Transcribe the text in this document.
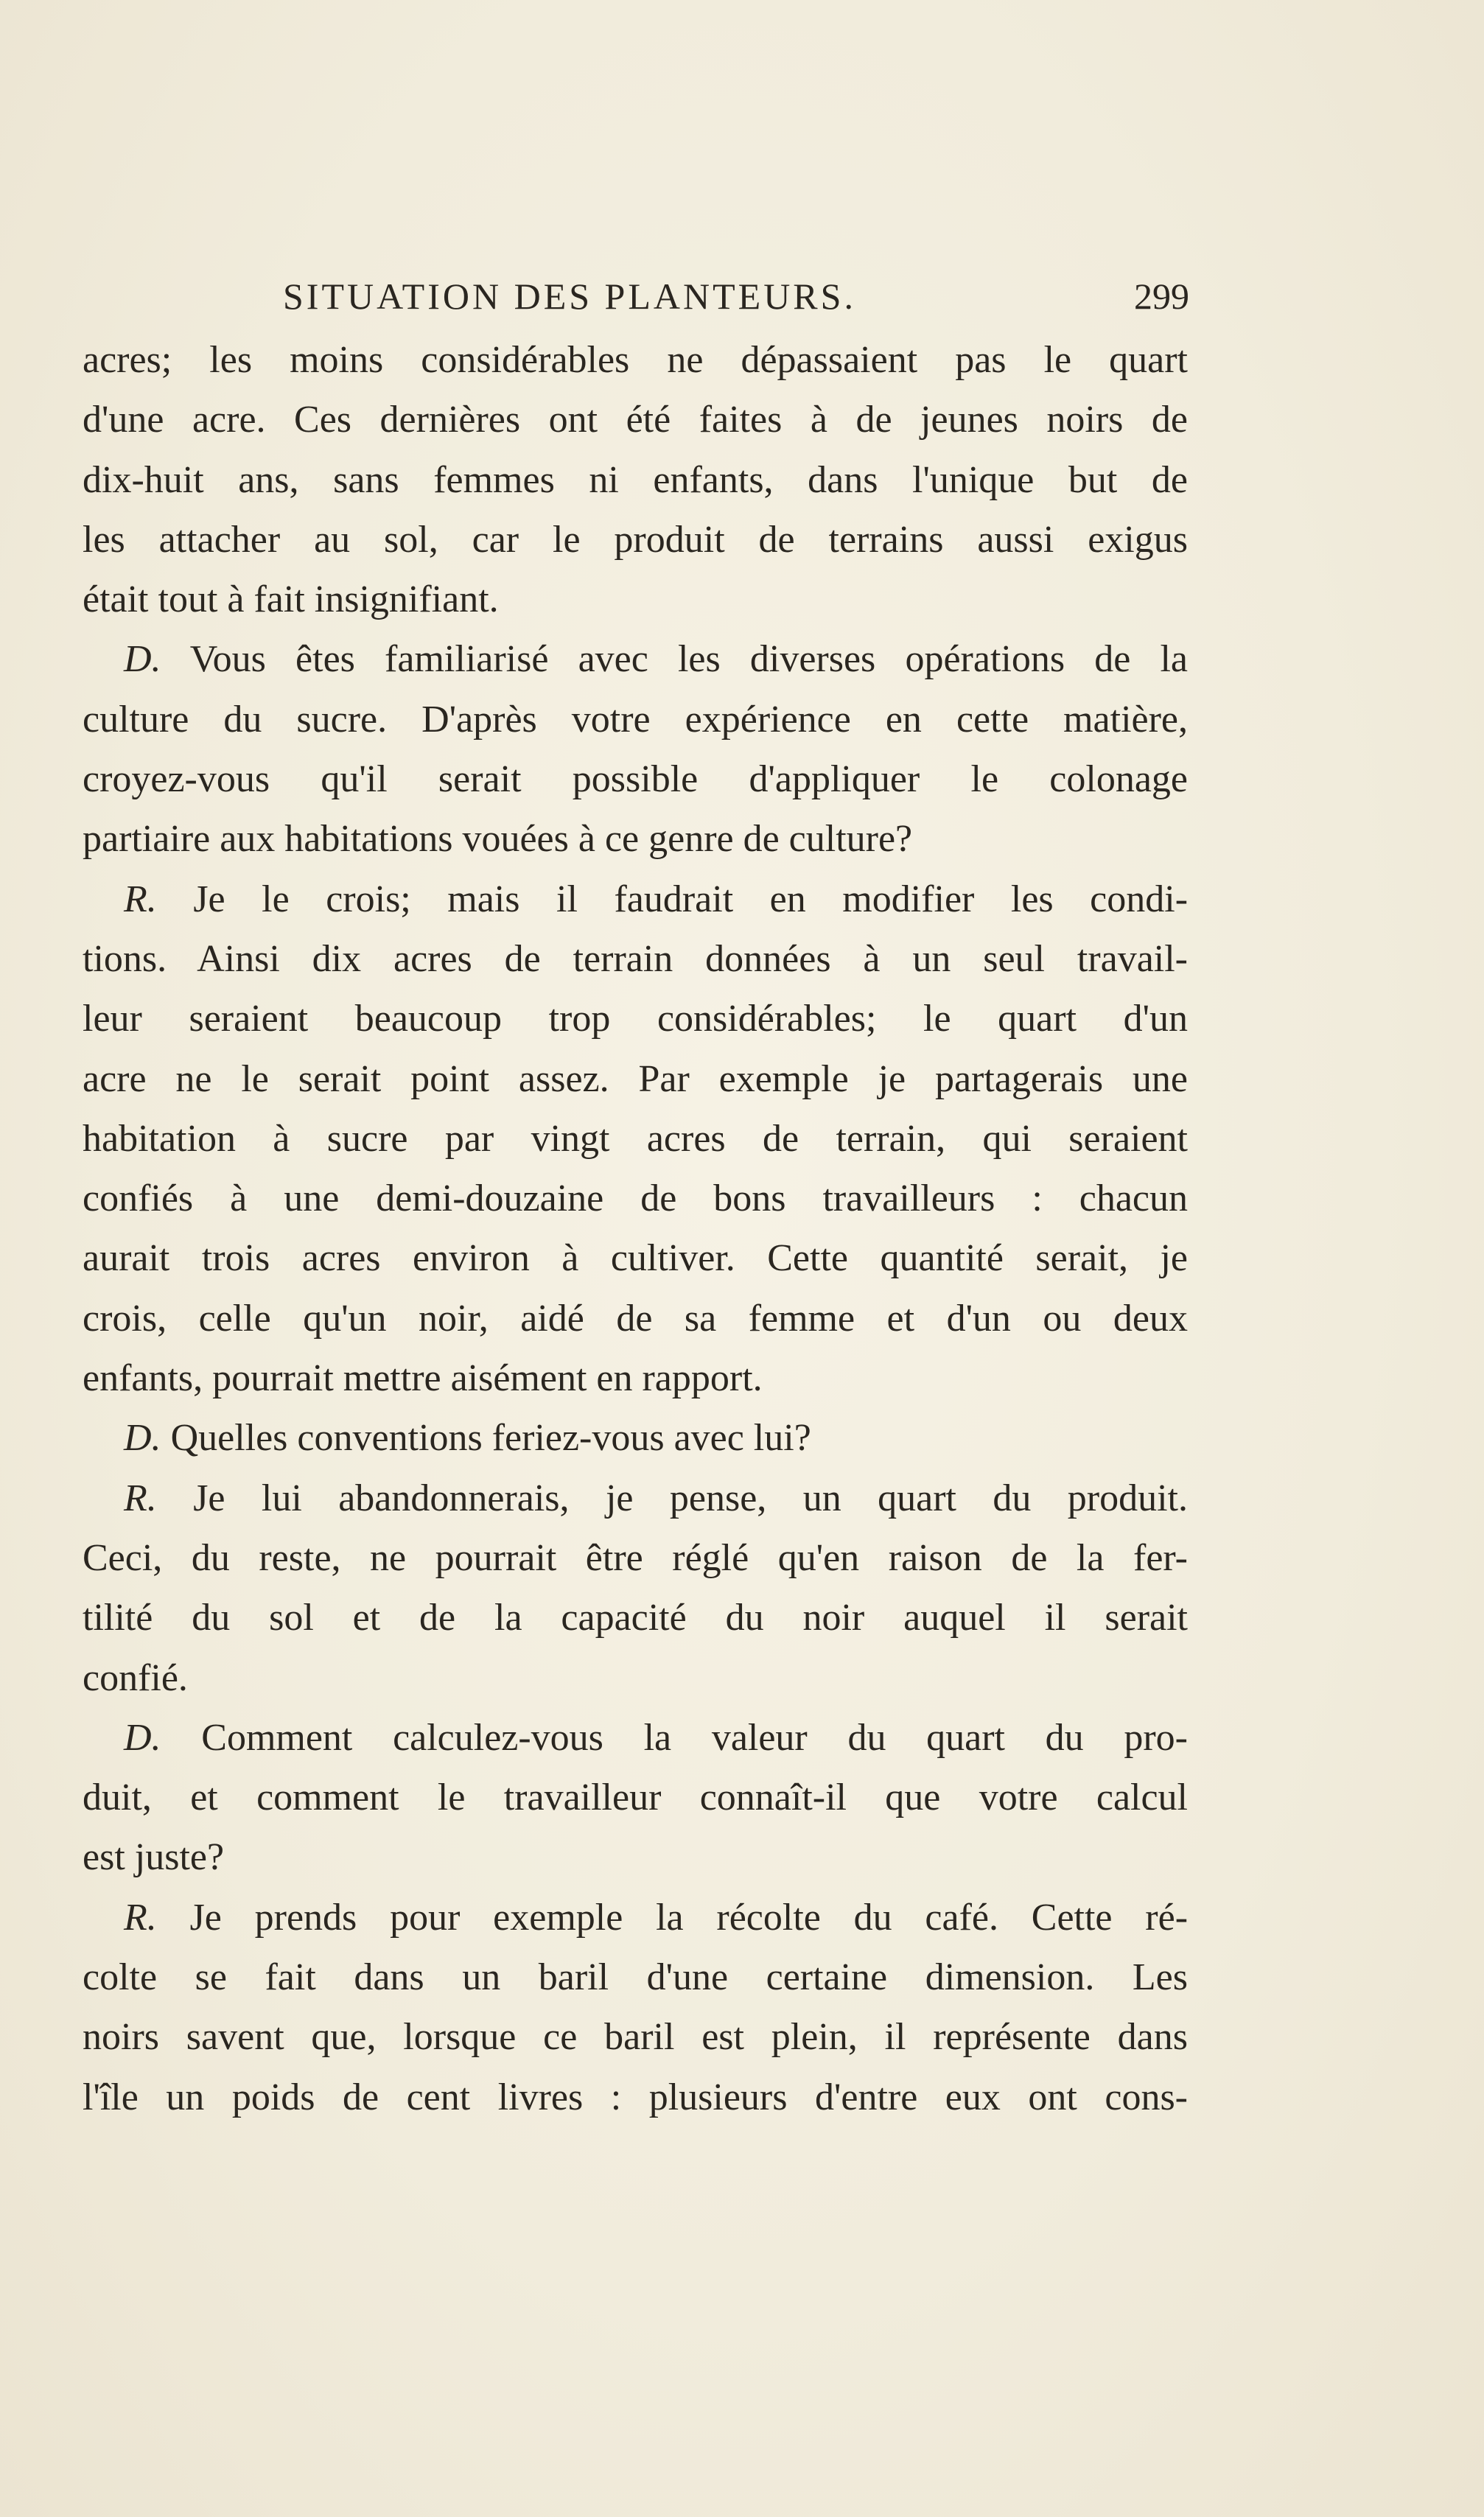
SITUATION DES PLANTEURS.	299
acres; les moins considérables ne dépassaient pas le quart
d'une acre. Ces dernières ont été faites à de jeunes noirs de
dix-huit ans, sans femmes ni enfants, dans l'unique but de
les attacher au sol, car le produit de terrains aussi exigus
était tout à fait insignifiant.
D. Vous êtes familiarisé avec les diverses opérations de la
culture du sucre. D'après votre expérience en cette matière,
croyez-vous qu'il serait possible d'appliquer le colonage
partiaire aux habitations vouées à ce genre de culture?
R. Je le crois; mais il faudrait en modifier les condi-
tions. Ainsi dix acres de terrain données à un seul travail-
leur seraient beaucoup trop considérables; le quart d'un
acre ne le serait point assez. Par exemple je partagerais une
habitation à sucre par vingt acres de terrain, qui seraient
confiés à une demi-douzaine de bons travailleurs : chacun
aurait trois acres environ à cultiver. Cette quantité serait, je
crois, celle qu'un noir, aidé de sa femme et d'un ou deux
enfants, pourrait mettre aisément en rapport.
D. Quelles conventions feriez-vous avec lui?
R. Je lui abandonnerais, je pense, un quart du produit.
Ceci, du reste, ne pourrait être réglé qu'en raison de la fer-
tilité du sol et de la capacité du noir auquel il serait
confié.
D. Comment calculez-vous la valeur du quart du pro-
duit, et comment le travailleur connaît-il que votre calcul
est juste?
R. Je prends pour exemple la récolte du café. Cette ré-
colte se fait dans un baril d'une certaine dimension. Les
noirs savent que, lorsque ce baril est plein, il représente dans
l'île un poids de cent livres : plusieurs d'entre eux ont cons-
